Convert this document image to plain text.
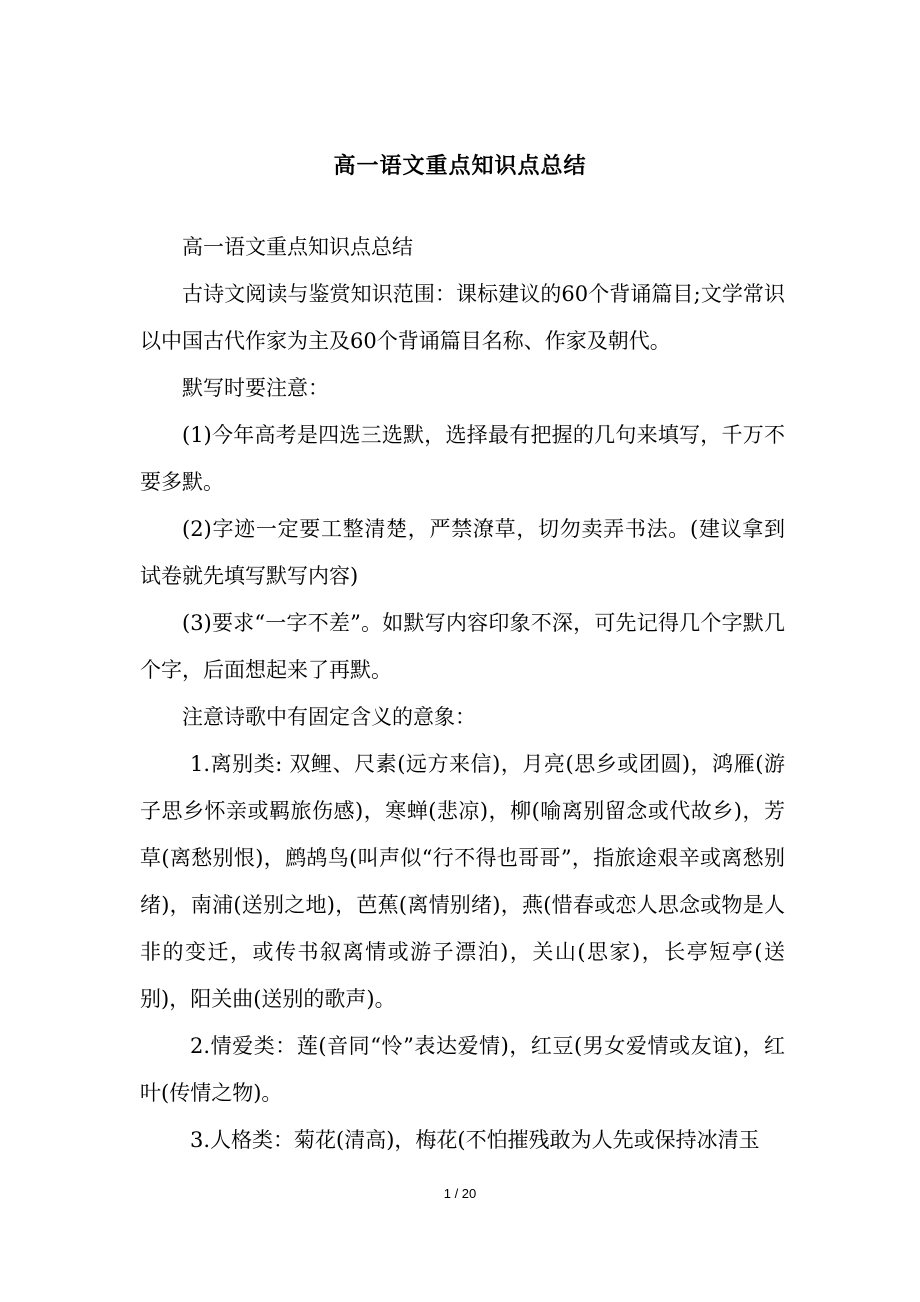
高一语文重点知识点总结

高一语文重点知识点总结

古诗文阅读与鉴赏知识范围：课标建议的60个背诵篇目;文学常识以中国古代作家为主及60个背诵篇目名称、作家及朝代。

默写时要注意：

(1)今年高考是四选三选默，选择最有把握的几句来填写，千万不要多默。

(2)字迹一定要工整清楚，严禁潦草，切勿卖弄书法。(建议拿到试卷就先填写默写内容)

(3)要求“一字不差”。如默写内容印象不深，可先记得几个字默几个字，后面想起来了再默。

注意诗歌中有固定含义的意象：

1.离别类: 双鲤、尺素(远方来信)，月亮(思乡或团圆)，鸿雁(游子思乡怀亲或羁旅伤感)，寒蝉(悲凉)，柳(喻离别留念或代故乡)，芳草(离愁别恨)，鹧鸪鸟(叫声似“行不得也哥哥”，指旅途艰辛或离愁别绪)，南浦(送别之地)，芭蕉(离情别绪)，燕(惜春或恋人思念或物是人非的变迁，或传书叙离情或游子漂泊)，关山(思家)，长亭短亭(送别)，阳关曲(送别的歌声)。

2.情爱类：莲(音同“怜”表达爱情)，红豆(男女爱情或友谊)，红叶(传情之物)。

3.人格类：菊花(清高)，梅花(不怕摧残敢为人先或保持冰清玉

1 / 20
